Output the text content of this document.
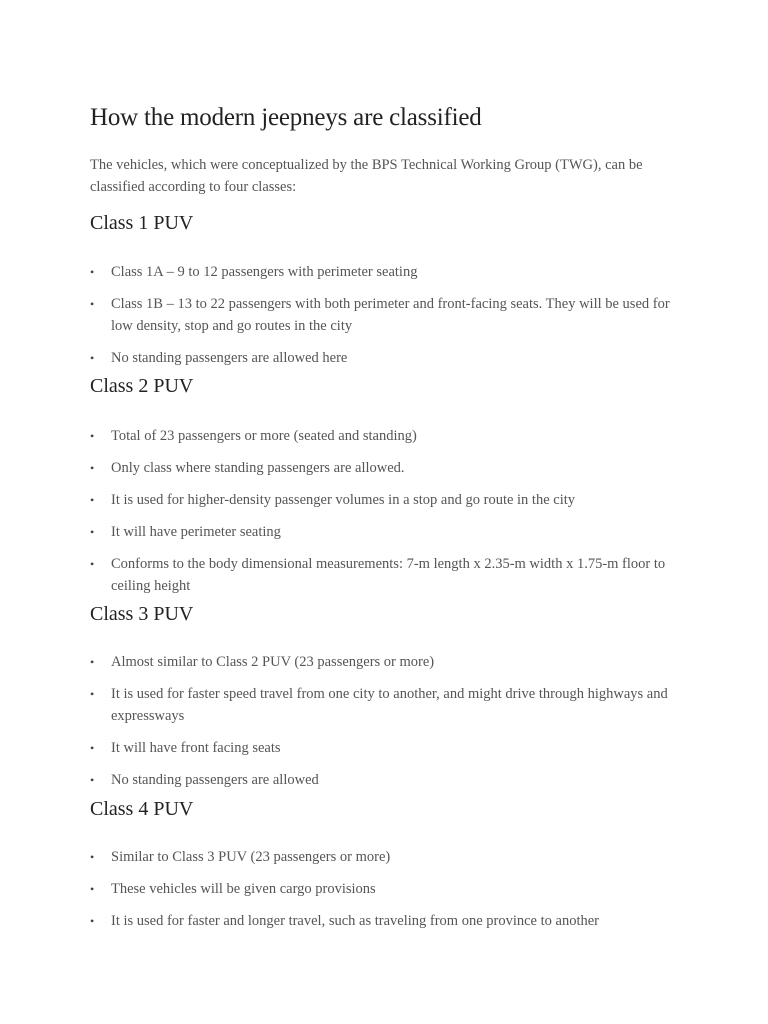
How the modern jeepneys are classified

The vehicles, which were conceptualized by the BPS Technical Working Group (TWG), can be classified according to four classes:

Class 1 PUV
• Class 1A – 9 to 12 passengers with perimeter seating
• Class 1B – 13 to 22 passengers with both perimeter and front-facing seats. They will be used for low density, stop and go routes in the city
• No standing passengers are allowed here
Class 2 PUV
• Total of 23 passengers or more (seated and standing)
• Only class where standing passengers are allowed.
• It is used for higher-density passenger volumes in a stop and go route in the city
• It will have perimeter seating
• Conforms to the body dimensional measurements: 7-m length x 2.35-m width x 1.75-m floor to ceiling height
Class 3 PUV
• Almost similar to Class 2 PUV (23 passengers or more)
• It is used for faster speed travel from one city to another, and might drive through highways and expressways
• It will have front facing seats
• No standing passengers are allowed
Class 4 PUV
• Similar to Class 3 PUV (23 passengers or more)
• These vehicles will be given cargo provisions
• It is used for faster and longer travel, such as traveling from one province to another
